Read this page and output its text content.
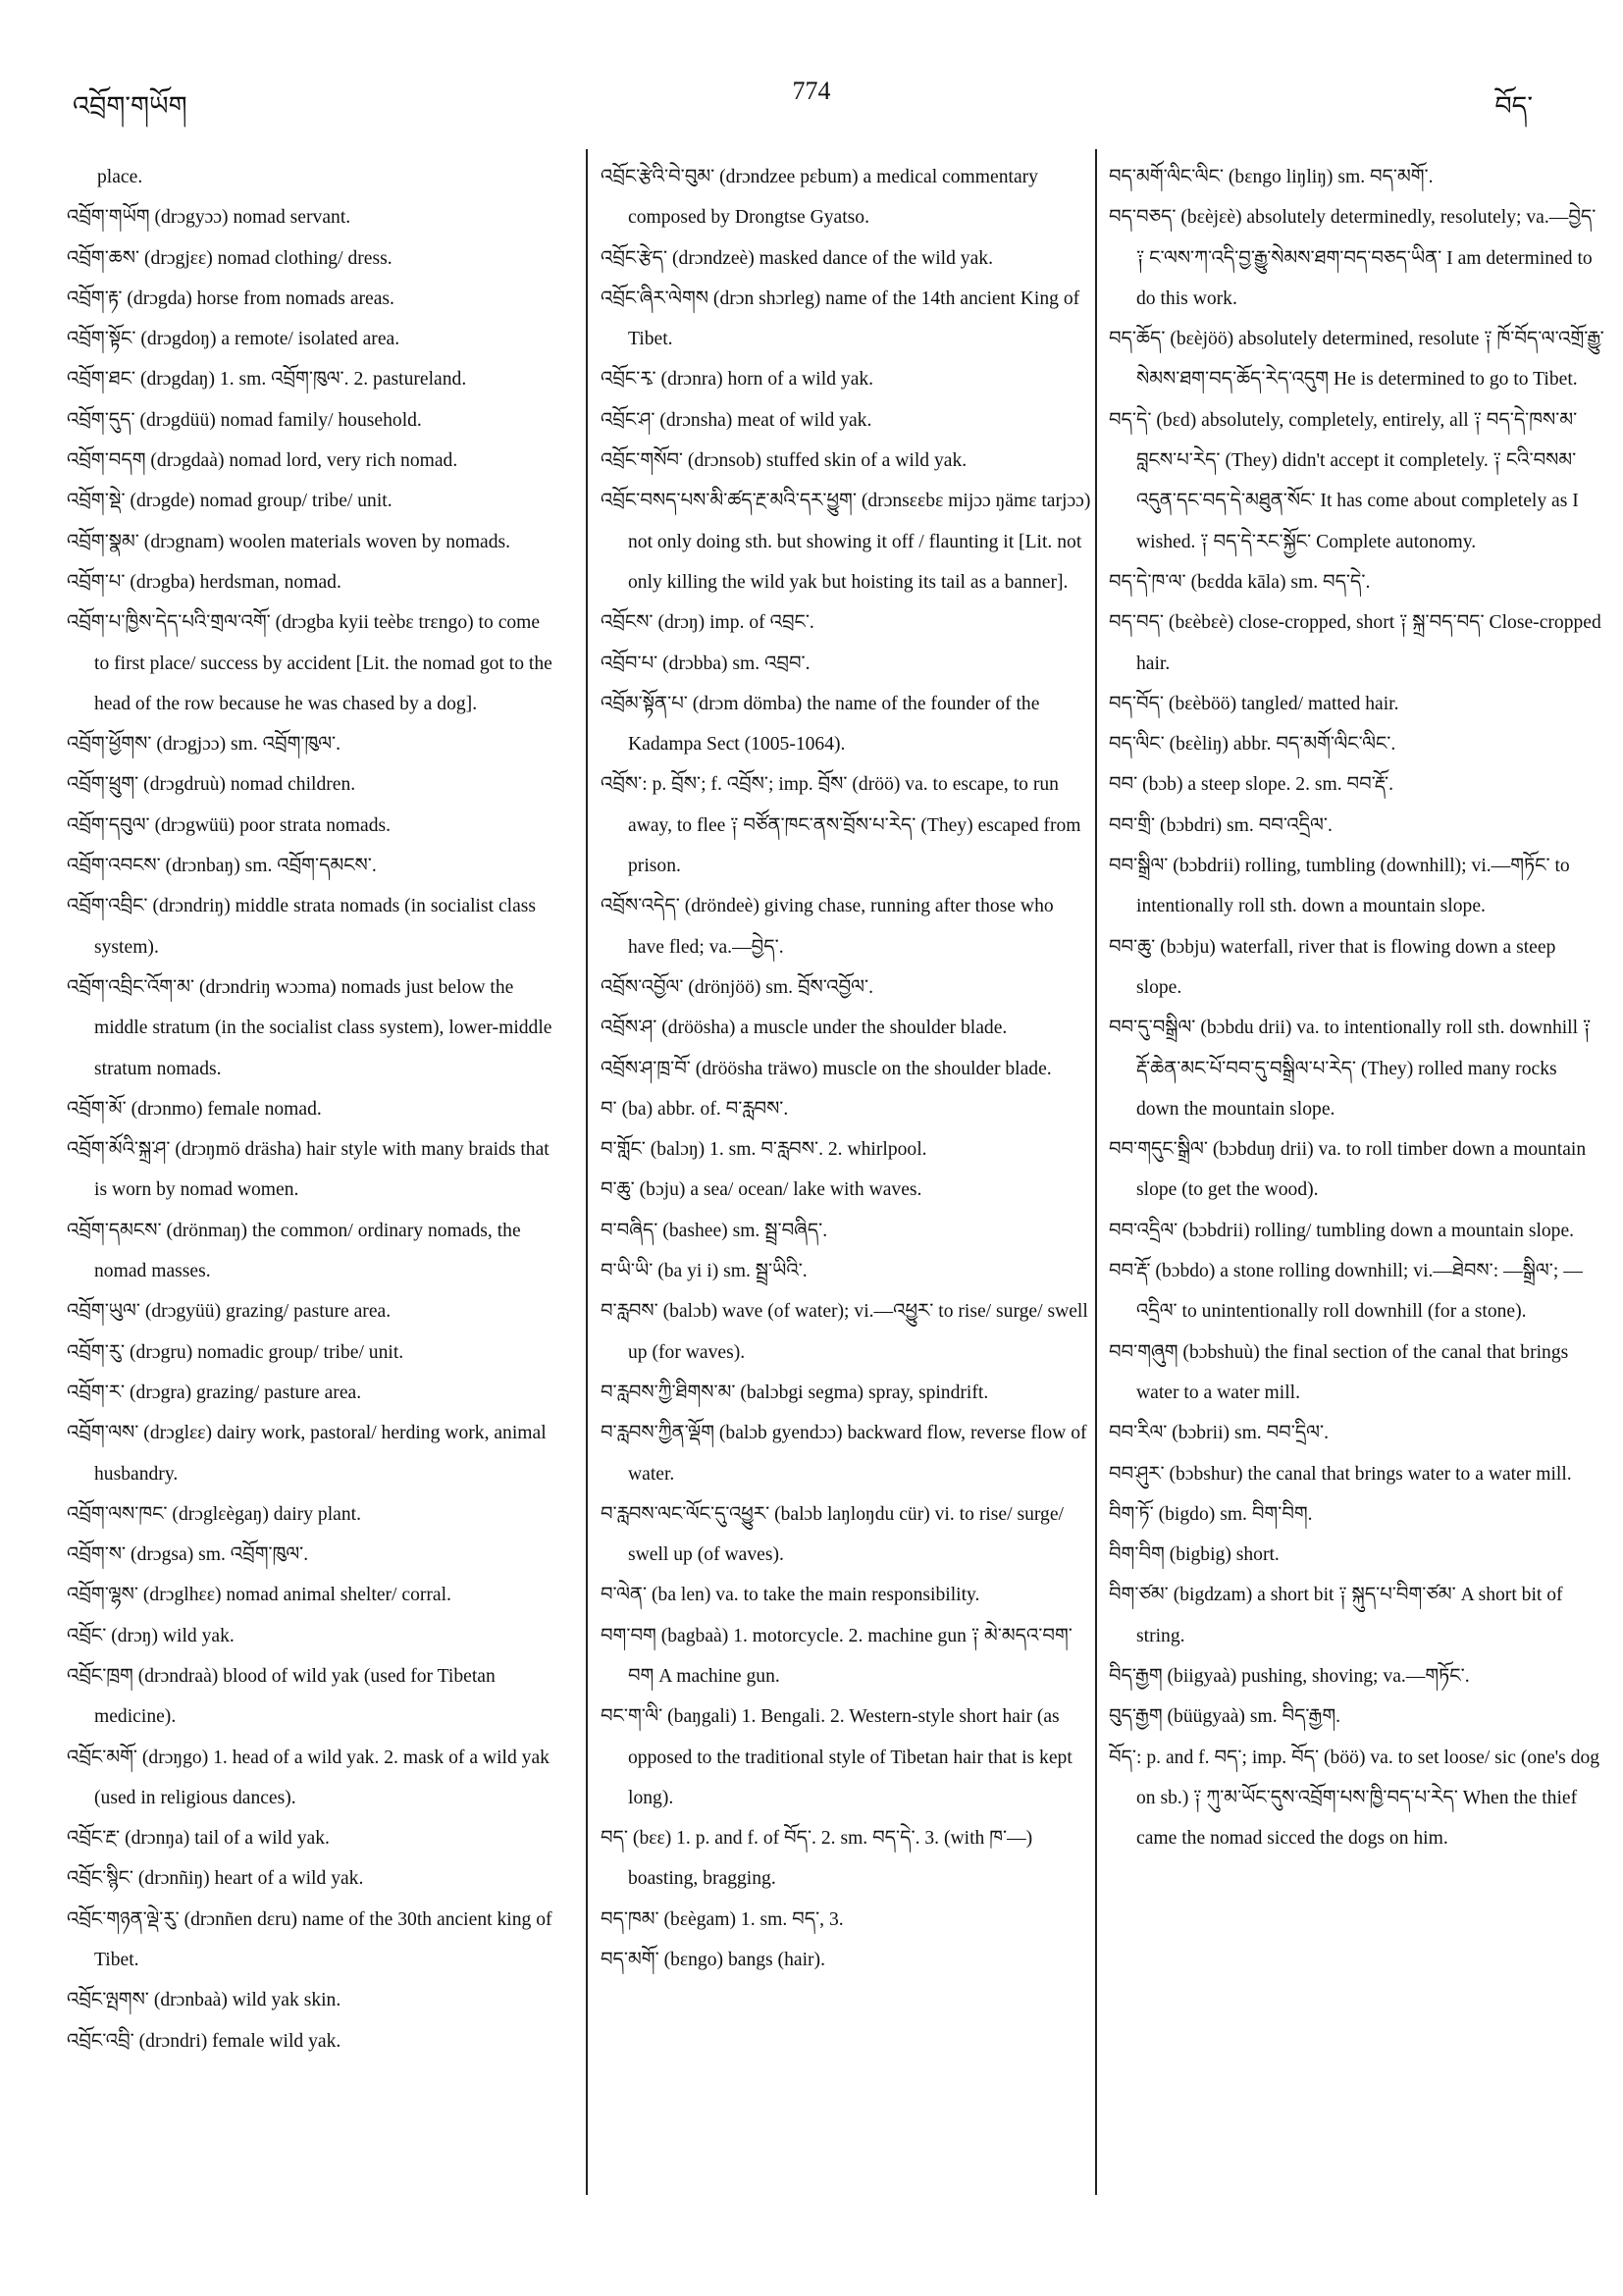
འབྲོག་གཡོག
774
བོད་

place.

འབྲོག་གཡོག (drɔgyɔɔ) nomad servant.

འབྲོག་ཆས་ (drɔgjɛɛ) nomad clothing/ dress.

འབྲོག་རྟ་ (drɔgda) horse from nomads areas.

འབྲོག་སྟོང་ (drɔgdoŋ) a remote/ isolated area.

འབྲོག་ཐང་ (drɔgdaŋ) 1. sm. འབྲོག་ཁུལ་. 2. pastureland.

འབྲོག་དུད་ (drɔgdüü) nomad family/ household.

འབྲོག་བདག (drɔgdaà) nomad lord, very rich nomad.

འབྲོག་སྡེ་ (drɔgde) nomad group/ tribe/ unit.

འབྲོག་སྣམ་ (drɔgnam) woolen materials woven by nomads.

འབྲོག་པ་ (drɔgba) herdsman, nomad.

འབྲོག་པ་ཁྱིས་དེད་པའི་གྲལ་འགོ་ (drɔgba kyii teèbɛ trɛngo) to come to first place/ success by accident [Lit. the nomad got to the head of the row because he was chased by a dog].

འབྲོག་ཕྱོགས་ (drɔgjɔɔ) sm. འབྲོག་ཁུལ་.

འབྲོག་ཕྲུག་ (drɔgdruù) nomad children.

འབྲོག་དབུལ་ (drɔgwüü) poor strata nomads.

འབྲོག་འབངས་ (drɔnbaŋ) sm. འབྲོག་དམངས་.

འབྲོག་འབྲིང་ (drɔndriŋ) middle strata nomads (in socialist class system).

འབྲོག་འབྲིང་འོག་མ་ (drɔndriŋ wɔɔma) nomads just below the middle stratum (in the socialist class system), lower-middle stratum nomads.

འབྲོག་མོ་ (drɔnmo) female nomad.

འབྲོག་མོའི་སྐྲ་ཤ་ (drɔŋmö dräsha) hair style with many braids that is worn by nomad women.

འབྲོག་དམངས་ (drönmaŋ) the common/ ordinary nomads, the nomad masses.

འབྲོག་ཡུལ་ (drɔgyüü) grazing/ pasture area.

འབྲོག་རུ་ (drɔgru) nomadic group/ tribe/ unit.

འབྲོག་ར་ (drɔgra) grazing/ pasture area.

འབྲོག་ལས་ (drɔglɛɛ) dairy work, pastoral/ herding work, animal husbandry.

འབྲོག་ལས་ཁང་ (drɔglɛègaŋ) dairy plant.

འབྲོག་ས་ (drɔgsa) sm. འབྲོག་ཁུལ་.

འབྲོག་ལྷས་ (drɔglhɛɛ) nomad animal shelter/ corral.

འབྲོང་ (drɔŋ) wild yak.

འབྲོང་ཁྲག (drɔndraà) blood of wild yak (used for Tibetan medicine).

འབྲོང་མགོ་ (drɔŋgo) 1. head of a wild yak. 2. mask of a wild yak (used in religious dances).

འབྲོང་རྔ་ (drɔnŋa) tail of a wild yak.

འབྲོང་སྙིང་ (drɔnñiŋ) heart of a wild yak.

འབྲོང་གཉན་ལྡེ་རུ་ (drɔnñen dɛru) name of the 30th ancient king of Tibet.

འབྲོང་ལྤགས་ (drɔnbaà) wild yak skin.

འབྲོང་འབྲི་ (drɔndri) female wild yak.

འབྲོང་རྩེའི་བེ་བུམ་ (drɔndzee pɛbum) a medical commentary composed by Drongtse Gyatso.

འབྲོང་རྩེད་ (drɔndzeè) masked dance of the wild yak.

འབྲོང་ཞིར་ལེགས (drɔn shɔrleg) name of the 14th ancient King of Tibet.

འབྲོང་རྭ་ (drɔnra) horn of a wild yak.

འབྲོང་ཤ་ (drɔnsha) meat of wild yak.

འབྲོང་གསོབ་ (drɔnsob) stuffed skin of a wild yak.

འབྲོང་བསད་པས་མི་ཚད་རྔ་མའི་དར་ཕྱུག་ (drɔnsɛɛbɛ mijɔɔ ŋämɛ tarjɔɔ) not only doing sth. but showing it off / flaunting it [Lit. not only killing the wild yak but hoisting its tail as a banner].

འབྲོངས་ (drɔŋ) imp. of འབྲང་.

འབྲོབ་པ་ (drɔbba) sm. འབྲབ་.

འབྲོམ་སྟོན་པ་ (drɔm dömba) the name of the founder of the Kadampa Sect (1005-1064).

འབྲོས་: p. བྲོས་; f. འབྲོས་; imp. བྲོས་ (dröö) va. to escape, to run away, to flee ༑ བཙོན་ཁང་ནས་བྲོས་པ་རེད་ (They) escaped from prison.

འབྲོས་འདེད་ (dröndeè) giving chase, running after those who have fled; va.—བྱེད་.

འབྲོས་འབྱོལ་ (drönjöö) sm. བྲོས་འབྱོལ་.

འབྲོས་ཤ་ (dröösha) a muscle under the shoulder blade.

འབྲོས་ཤ་ཁྲ་བོ་ (dröösha träwo) muscle on the shoulder blade.

བ་ (ba) abbr. of. བ་རླབས་.

བ་གློང་ (balɔŋ) 1. sm. བ་རླབས་. 2. whirlpool.

བ་ཆུ་ (bɔju) a sea/ ocean/ lake with waves.

བ་བཞིད་ (bashee) sm. སྦྲ་བཞིད་.

བ་ཡི་ཡི་ (ba yi i) sm. སྦྲ་ཡིའི་.

བ་རླབས་ (balɔb) wave (of water); vi.—འཕྱུར་ to rise/ surge/ swell up (for waves).

བ་རླབས་ཀྱི་ཐིགས་མ་ (balɔbgi segma) spray, spindrift.

བ་རླབས་ཀྱིན་ལྡོག (balɔb gyendɔɔ) backward flow, reverse flow of water.

བ་རླབས་ལང་ལོང་དུ་འཕྱུར་ (balɔb laŋloŋdu cür) vi. to rise/ surge/ swell up (of waves).

བ་ལེན་ (ba len) va. to take the main responsibility.

བག་བག (bagbaà) 1. motorcycle. 2. machine gun ༑ མེ་མདའ་བག་བག A machine gun.

བང་ག་ལི་ (baŋgali) 1. Bengali. 2. Western-style short hair (as opposed to the traditional style of Tibetan hair that is kept long).

བད་ (bɛɛ) 1. p. and f. of བོད་. 2. sm. བད་དེ་. 3. (with ཁ་—) boasting, bragging.

བད་ཁམ་ (bɛègam) 1. sm. བད་, 3.

བད་མགོ་ (bɛngo) bangs (hair).

བད་མགོ་ལིང་ལིང་ (bɛngo liŋliŋ) sm. བད་མགོ་.

བད་བཅད་ (bɛèjɛè) absolutely determinedly, resolutely; va.—བྱེད་ ༑ ང་ལས་ཀ་འདི་བྱ་རྒྱུ་སེམས་ཐག་བད་བཅད་ཡིན་ I am determined to do this work.

བད་ཆོད་ (bɛèjöö) absolutely determined, resolute ༑ ཁོ་བོད་ལ་འགྲོ་རྒྱུ་སེམས་ཐག་བད་ཆོད་རེད་འདུག He is determined to go to Tibet.

བད་དེ་ (bɛd) absolutely, completely, entirely, all ༑ བད་དེ་ཁས་མ་བླངས་པ་རེད་ (They) didn't accept it completely. ༑ ངའི་བསམ་འདུན་དང་བད་དེ་མཐུན་སོང་ It has come about completely as I wished. ༑ བད་དེ་རང་སྐྱོང་ Complete autonomy.

བད་དེ་ཁ་ལ་ (bɛdda kāla) sm. བད་དེ་.

བད་བད་ (bɛèbɛè) close-cropped, short ༑ སྐྲ་བད་བད་ Close-cropped hair.

བད་བོད་ (bɛèböö) tangled/ matted hair.

བད་ལིང་ (bɛèliŋ) abbr. བད་མགོ་ལིང་ལིང་.

བབ་ (bɔb) a steep slope. 2. sm. བབ་རྡོ་.

བབ་གྲི་ (bɔbdri) sm. བབ་འདྲིལ་.

བབ་སྒྲིལ་ (bɔbdrii) rolling, tumbling (downhill); vi.—གཏོང་ to intentionally roll sth. down a mountain slope.

བབ་ཆུ་ (bɔbju) waterfall, river that is flowing down a steep slope.

བབ་དུ་བསྒྲིལ་ (bɔbdu drii) va. to intentionally roll sth. downhill ༑ རྡོ་ཆེན་མང་པོ་བབ་དུ་བསྒྲིལ་པ་རེད་ (They) rolled many rocks down the mountain slope.

བབ་གདུང་སྒྲིལ་ (bɔbduŋ drii) va. to roll timber down a mountain slope (to get the wood).

བབ་འདྲིལ་ (bɔbdrii) rolling/ tumbling down a mountain slope.

བབ་རྡོ་ (bɔbdo) a stone rolling downhill; vi.—ཐེབས་: —སྒྲིལ་; —འདྲིལ་ to unintentionally roll downhill (for a stone).

བབ་གཞུག (bɔbshuù) the final section of the canal that brings water to a water mill.

བབ་རིལ་ (bɔbrii) sm. བབ་དྲིལ་.

བབ་ཤུར་ (bɔbshur) the canal that brings water to a water mill.

བིག་ཏོ་ (bigdo) sm. བིག་བིག.

བིག་བིག (bigbig) short.

བིག་ཙམ་ (bigdzam) a short bit ༑ སྐུད་པ་བིག་ཙམ་ A short bit of string.

བིད་རྒྱག (biigyaà) pushing, shoving; va.—གཏོང་.

བུད་རྒྱག (büügyaà) sm. བིད་རྒྱག.

བོད་: p. and f. བད་; imp. བོད་ (böö) va. to set loose/ sic (one's dog on sb.) ༑ ཀུ་མ་ཡོང་དུས་འབྲོག་པས་ཁྱི་བད་པ་རེད་ When the thief came the nomad sicced the dogs on him.
